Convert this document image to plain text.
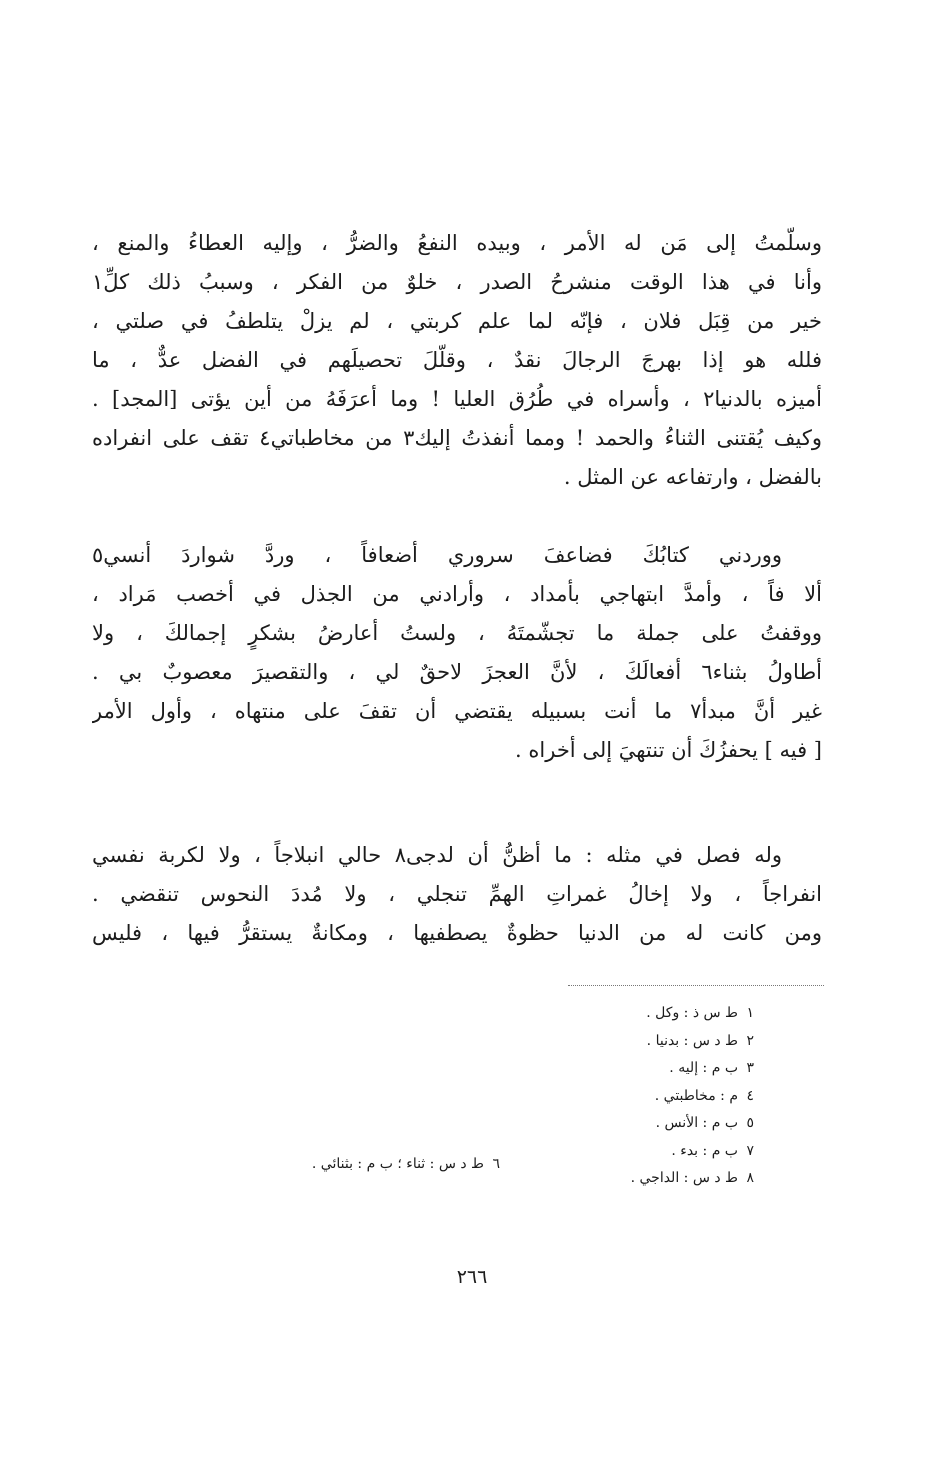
وسلّمتُ إلى مَن له الأمر ، وبيده النفعُ والضرُّ ، وإليه العطاءُ والمنع ،
وأنا في هذا الوقت منشرحُ الصدر ، خلوٌ من الفكر ، وسببُ ذلك كلِّ١
خير من قِبَل فلان ، فإنّه لما علم كربتي ، لم يزلْ يتلطفُ في صلتي ،
فلله هو إذا بهرجَ الرجالَ نقدٌ ، وقلّلَ تحصيلَهم في الفضل عدٌّ ، ما
أميزه بالدنيا٢ ، وأسراه في طُرُق العليا ! وما أعرَفَهُ من أين يؤتى [المجد] .
وكيف يُقتنى الثناءُ والحمد ! ومما أنفذتُ إليك٣ من مخاطباتي٤ تقف على انفراده
بالفضل ، وارتفاعه عن المثل .
ووردني كتابُكَ فضاعفَ سروري أضعافاً ، وردَّ شواردَ أنسي٥
ألا فاً ، وأمدَّ ابتهاجي بأمداد ، وأرادني من الجذل في أخصب مَراد ،
ووقفتُ على جملة ما تجشّمتَهُ ، ولستُ أعارضُ بشكرٍ إجمالكَ ، ولا
أطاولُ بثناء٦ أفعالَكَ ، لأنَّ العجزَ لاحقٌ لي ، والتقصيرَ معصوبٌ بي .
غير أنَّ مبدأ٧ ما أنت بسبيله يقتضي أن تقفَ على منتهاه ، وأول الأمر
[ فيه ] يحفزُكَ أن تنتهيَ إلى أخراه .
وله فصل في مثله : ما أظنُّ أن لدجى٨ حالي انبلاجاً ، ولا لكربة نفسي
انفراجاً ، ولا إخالُ غمراتِ الهمِّ تنجلي ، ولا مُددَ النحوس تنقضي .
ومن كانت له من الدنيا حظوةٌ يصطفيها ، ومكانةٌ يستقرُّ فيها ، فليس
١ط س ذ : وكل .
٢ط د س : بدنيا .
٣ب م : إليه .
٤م : مخاطبتي .
٥ب م : الأنس .
٧ب م : بدء .
٨ط د س : الداجي .
٦ط د س : ثناء ؛ ب م : بثنائي .
٢٦٦
